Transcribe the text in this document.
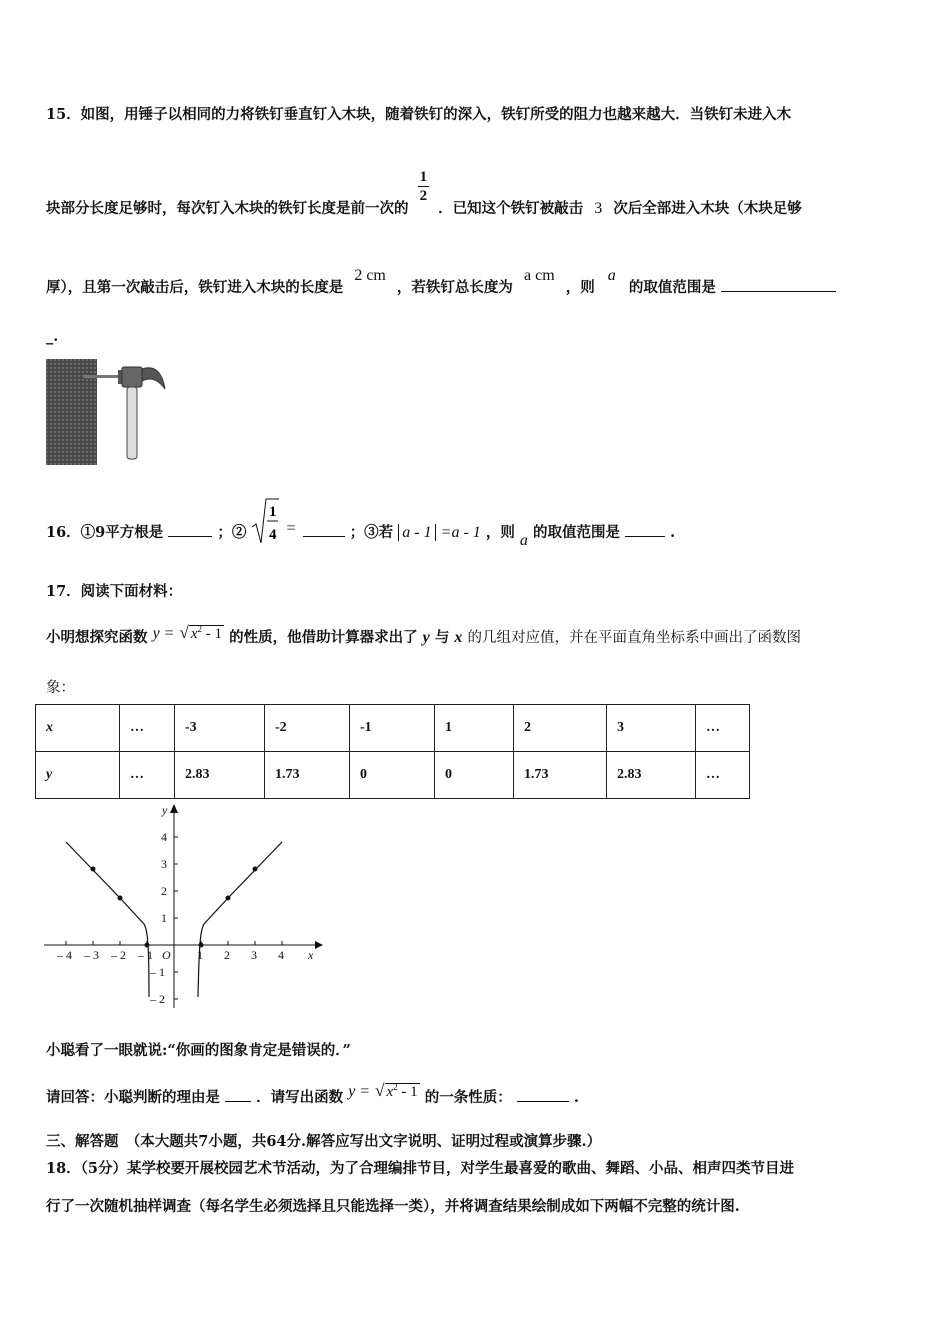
15．如图，用锤子以相同的力将铁钉垂直钉入木块，随着铁钉的深入，铁钉所受的阻力也越来越大．当铁钉未进入木
块部分长度足够时，每次钉入木块的铁钉长度是前一次的
$\frac{1}{2}$
．已知这个铁钉被敲击 3 次后全部进入木块（木块足够
厚），且第一次敲击后，铁钉进入木块的长度是 2 cm ，若铁钉总长度为 a cm ，则 a 的取值范围是
_.
16．①9平方根是	；②
1
4 =	；③若 a - 1 =a - 1 ，则 a 的取值范围是	.
17．阅读下面材料：
小明想探究函数 y = √ $x^2 - 1$ 的性质，他借助计算器求出了 y 与 x 的几组对应值，并在平面直角坐标系中画出了函数图
象：
x	…	-3	-2	-1	1	2	3	…
y	…	2.83	1.73	0	0	1.73	2.83	…
y
x
O
– 4 – 3 – 2 – 1	1 2 3 4
4
3
2
1
– 1
– 2
小聪看了一眼就说:“你画的图象肯定是错误的．”
请回答：小聪判断的理由是 ．请写出函数 y = √ $x^2 - 1$ 的一条性质：	.
三、解答题　（本大题共7小题，共64分.解答应写出文字说明、证明过程或演算步骤.）
18．（5分）某学校要开展校园艺术节活动，为了合理编排节目，对学生最喜爱的歌曲、舞蹈、小品、相声四类节目进
行了一次随机抽样调查（每名学生必须选择且只能选择一类），并将调查结果绘制成如下两幅不完整的统计图.
